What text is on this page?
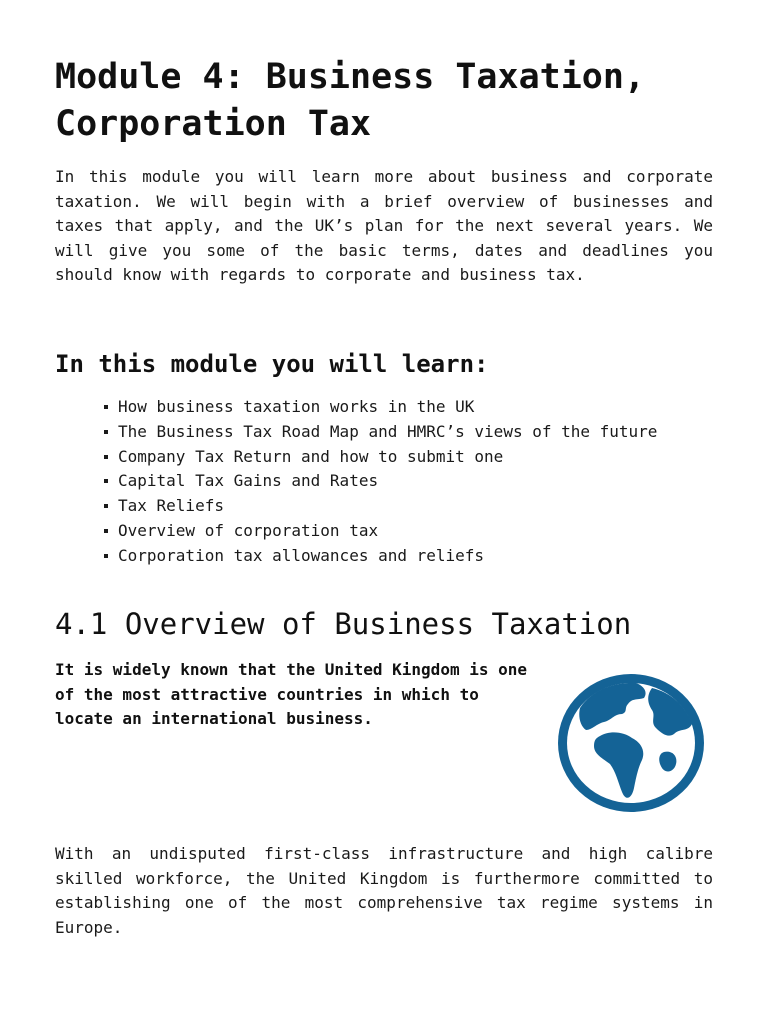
Module 4: Business Taxation, Corporation Tax

In this module you will learn more about business and corporate taxation. We will begin with a brief overview of businesses and taxes that apply, and the UK’s plan for the next several years. We will give you some of the basic terms, dates and deadlines you should know with regards to corporate and business tax.

In this module you will learn:
How business taxation works in the UK
The Business Tax Road Map and HMRC’s views of the future
Company Tax Return and how to submit one
Capital Tax Gains and Rates
Tax Reliefs
Overview of corporation tax
Corporation tax allowances and reliefs
4.1 Overview of Business Taxation

It is widely known that the United Kingdom is one of the most attractive countries in which to locate an international business.

With an undisputed first-class infrastructure and high calibre skilled workforce, the United Kingdom is furthermore committed to establishing one of the most comprehensive tax regime systems in Europe.
